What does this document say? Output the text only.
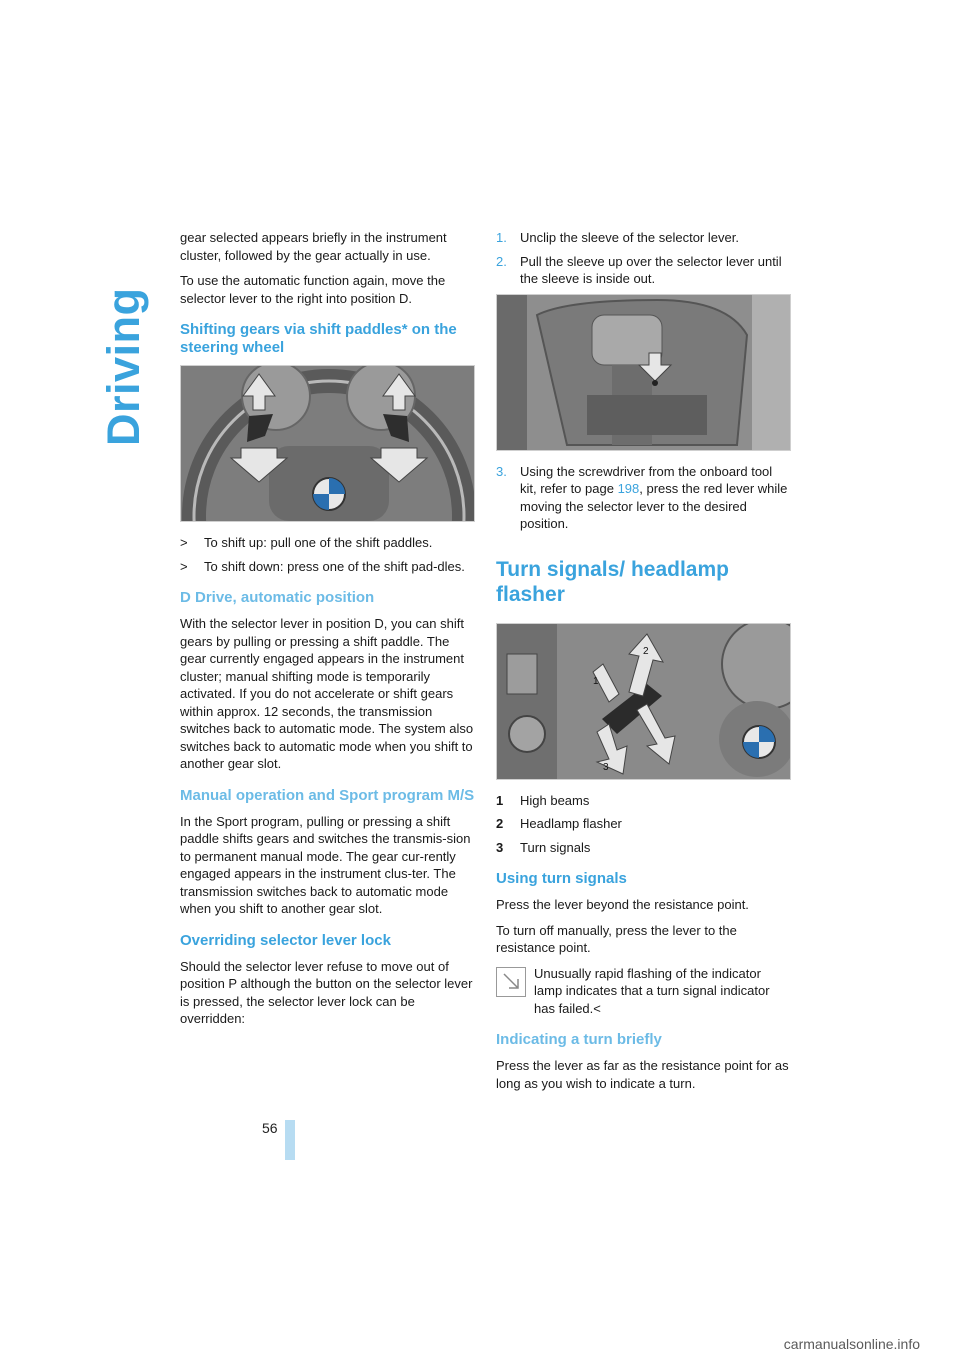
Driving

gear selected appears briefly in the instrument cluster, followed by the gear actually in use.

To use the automatic function again, move the selector lever to the right into position D.

Shifting gears via shift paddles* on the steering wheel
>	To shift up: pull one of the shift paddles.
>	To shift down: press one of the shift pad-dles.
D Drive, automatic position

With the selector lever in position D, you can shift gears by pulling or pressing a shift paddle. The gear currently engaged appears in the instrument cluster; manual shifting mode is temporarily activated. If you do not accelerate or shift gears within approx. 12 seconds, the transmission switches back to automatic mode. The system also switches back to automatic mode when you shift to another gear slot.

Manual operation and Sport program M/S

In the Sport program, pulling or pressing a shift paddle shifts gears and switches the transmis-sion to permanent manual mode. The gear cur-rently engaged appears in the instrument clus-ter. The transmission switches back to automatic mode when you shift to another gear slot.

Overriding selector lever lock

Should the selector lever refuse to move out of position P although the button on the selector lever is pressed, the selector lever lock can be overridden:

1.	Unclip the sleeve of the selector lever.
2.	Pull the sleeve up over the selector lever until the sleeve is inside out.
3.	Using the screwdriver from the onboard tool kit, refer to page 198, press the red lever while moving the selector lever to the desired position.
Turn signals/ headlamp flasher
1
2
3
1	High beams
2	Headlamp flasher
3	Turn signals
Using turn signals

Press the lever beyond the resistance point.

To turn off manually, press the lever to the resistance point.

Unusually rapid flashing of the indicator lamp indicates that a turn signal indicator has failed.<

Indicating a turn briefly

Press the lever as far as the resistance point for as long as you wish to indicate a turn.

56
carmanualsonline.info
